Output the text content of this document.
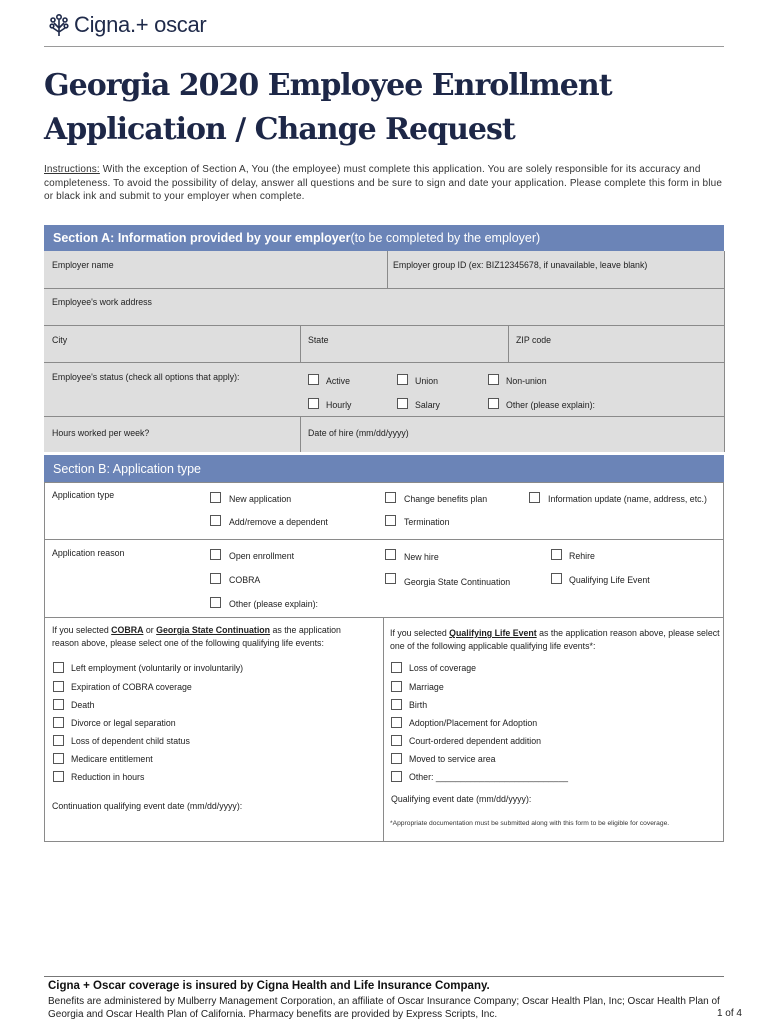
Cigna.+ oscar
Georgia 2020 Employee Enrollment
Application / Change Request
Instructions: With the exception of Section A, You (the employee) must complete this application. You are solely responsible for its accuracy and completeness. To avoid the possibility of delay, answer all questions and be sure to sign and date your application. Please complete this form in blue or black ink and submit to your employer when complete.
Section A: Information provided by your employer (to be completed by the employer)
Employer name	Employer group ID (ex: BIZ12345678, if unavailable, leave blank)
Employee's work address
City	State	ZIP code
Employee's status (check all options that apply):	Active	Union	Non-union
Hourly	Salary	Other (please explain):
Hours worked per week?	Date of hire (mm/dd/yyyy)
Section B: Application type
Application type	New application	Change benefits plan	Information update (name, address, etc.)
Add/remove a dependent	Termination
Application reason	Open enrollment	New hire	Rehire
COBRA	Georgia State Continuation	Qualifying Life Event
Other (please explain):
If you selected COBRA or Georgia State Continuation as the application
reason above, please select one of the following qualifying life events:
Left employment (voluntarily or involuntarily)
Expiration of COBRA coverage
Death
Divorce or legal separation
Loss of dependent child status
Medicare entitlement
Reduction in hours
Continuation qualifying event date (mm/dd/yyyy):
If you selected Qualifying Life Event as the application reason above, please select
one of the following applicable qualifying life events*:
Loss of coverage
Marriage
Birth
Adoption/Placement for Adoption
Court-ordered dependent addition
Moved to service area
Other: ___________________________
Qualifying event date (mm/dd/yyyy):
*Appropriate documentation must be submitted along with this form to be eligible for coverage.
Cigna + Oscar coverage is insured by Cigna Health and Life Insurance Company.
Benefits are administered by Mulberry Management Corporation, an affiliate of Oscar Insurance Company; Oscar Health Plan, Inc; Oscar Health Plan of Georgia and Oscar Health Plan of California. Pharmacy benefits are provided by Express Scripts, Inc.	1 of 4
